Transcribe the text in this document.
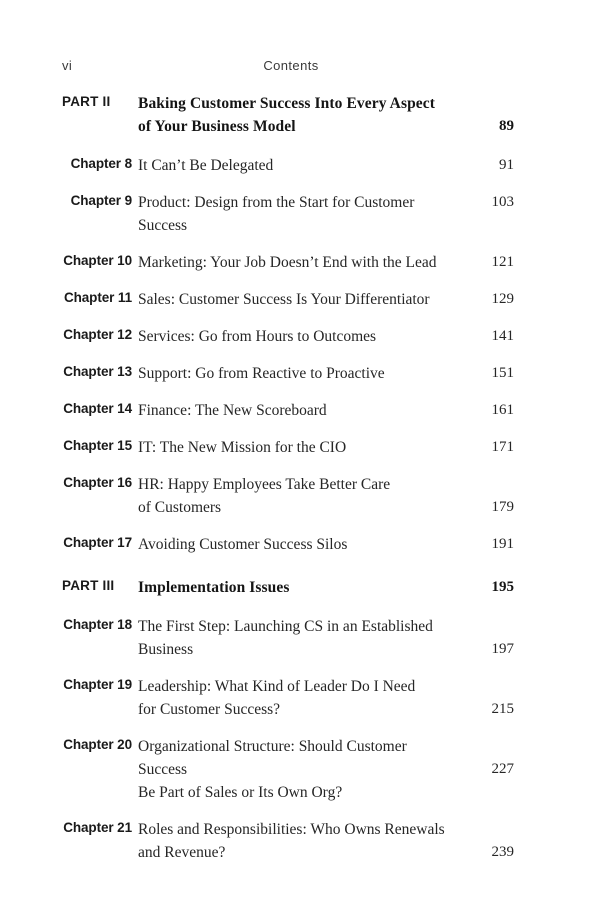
vi	Contents
PART II	Baking Customer Success Into Every Aspect
of Your Business Model	89
Chapter 8 It Can’t Be Delegated	91
Chapter 9 Product: Design from the Start for Customer Success
103
Chapter 10 Marketing: Your Job Doesn’t End with the Lead	121
Chapter 11 Sales: Customer Success Is Your Differentiator	129
Chapter 12 Services: Go from Hours to Outcomes	141
Chapter 13 Support: Go from Reactive to Proactive	151
Chapter 14 Finance: The New Scoreboard	161
Chapter 15 IT: The New Mission for the CIO	171
Chapter 16 HR: Happy Employees Take Better Care
of Customers	179
Chapter 17 Avoiding Customer Success Silos	191
PART III	Implementation Issues	195
Chapter 18 The First Step: Launching CS in an Established
Business	197
Chapter 19 Leadership: What Kind of Leader Do I Need
for Customer Success?	215
Chapter 20 Organizational Structure: Should Customer Success
Be Part of Sales or Its Own Org?
227
Chapter 21 Roles and Responsibilities: Who Owns Renewals
and Revenue?	239
